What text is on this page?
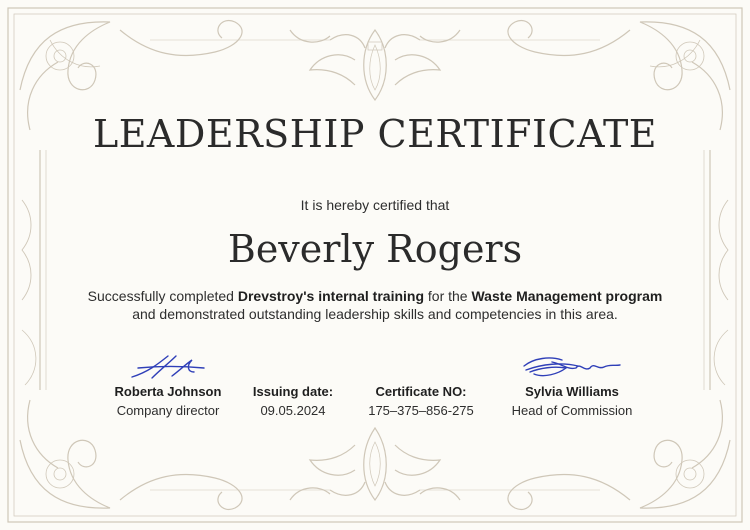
LEADERSHIP CERTIFICATE
It is hereby certified that
Beverly Rogers
Successfully completed Drevstroy's internal training for the Waste Management program
and demonstrated outstanding leadership skills and competencies in this area.
Roberta Johnson
Company director
Issuing date:
09.05.2024
Certificate NO:
175–375–856-275
Sylvia Williams
Head of Commission
